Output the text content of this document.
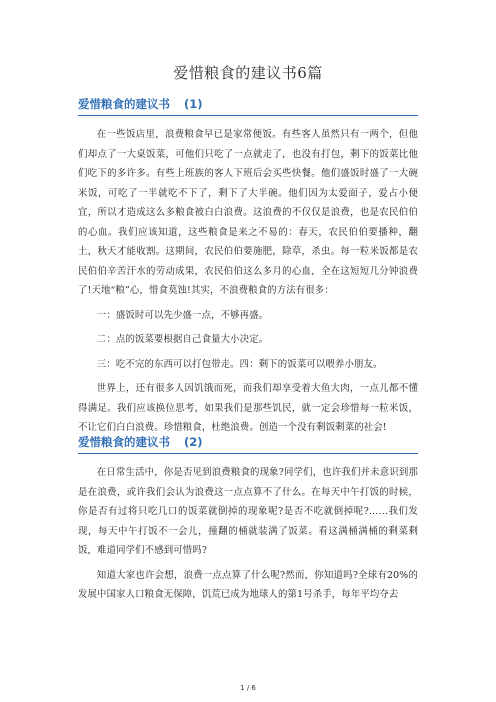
爱惜粮食的建议书6篇
爱惜粮食的建议书 (1)

在一些饭店里，浪费粮食早已是家常便饭。有些客人虽然只有一两个，但他们却点了一大桌饭菜，可他们只吃了一点就走了，也没有打包，剩下的饭菜比他们吃下的多许多。有些上班族的客人下班后会买些快餐。他们盛饭时盛了一大碗米饭，可吃了一半就吃不下了，剩下了大半碗。他们因为太爱面子，爱占小便宜，所以才造成这么多粮食被白白浪费。这浪费的不仅仅是浪费，也是农民伯伯的心血。我们应该知道，这些粮食是来之不易的：春天，农民伯伯要播种，翻土，秋天才能收割。这期间，农民伯伯要施肥，除草，杀虫。每一粒米饭都是农民伯伯辛苦汗水的劳动成果，农民伯伯这么多月的心血，全在这短短几分钟浪费了!天地“粮”心，惜食莫蚀!其实，不浪费粮食的方法有很多：

一：盛饭时可以先少盛一点，不够再盛。

二：点的饭菜要根据自己食量大小决定。

三：吃不完的东西可以打包带走。四：剩下的饭菜可以喂养小朋友。

世界上，还有很多人因饥饿而死，而我们却享受着大鱼大肉，一点儿都不懂得满足。我们应该换位思考，如果我们是那些饥民，就一定会珍惜每一粒米饭，不让它们白白浪费。珍惜粮食，杜绝浪费。创造一个没有剩饭剩菜的社会!

爱惜粮食的建议书 (2)

在日常生活中，你是否见到浪费粮食的现象?同学们，也许我们并未意识到那是在浪费，或许我们会认为浪费这一点点算不了什么。在每天中午打饭的时候，你是否有过将只吃几口的饭菜就倒掉的现象呢?是否不吃就倒掉呢?……我们发现，每天中午打饭不一会儿，撞翻的桶就装满了饭菜。看这满桶满桶的剩菜剩饭，难道同学们不感到可惜吗?

知道大家也许会想，浪费一点点算了什么呢?然而，你知道吗?全球有20%的发展中国家人口粮食无保障，饥荒已成为地球人的第1号杀手，每年平均夺去

1 / 6
